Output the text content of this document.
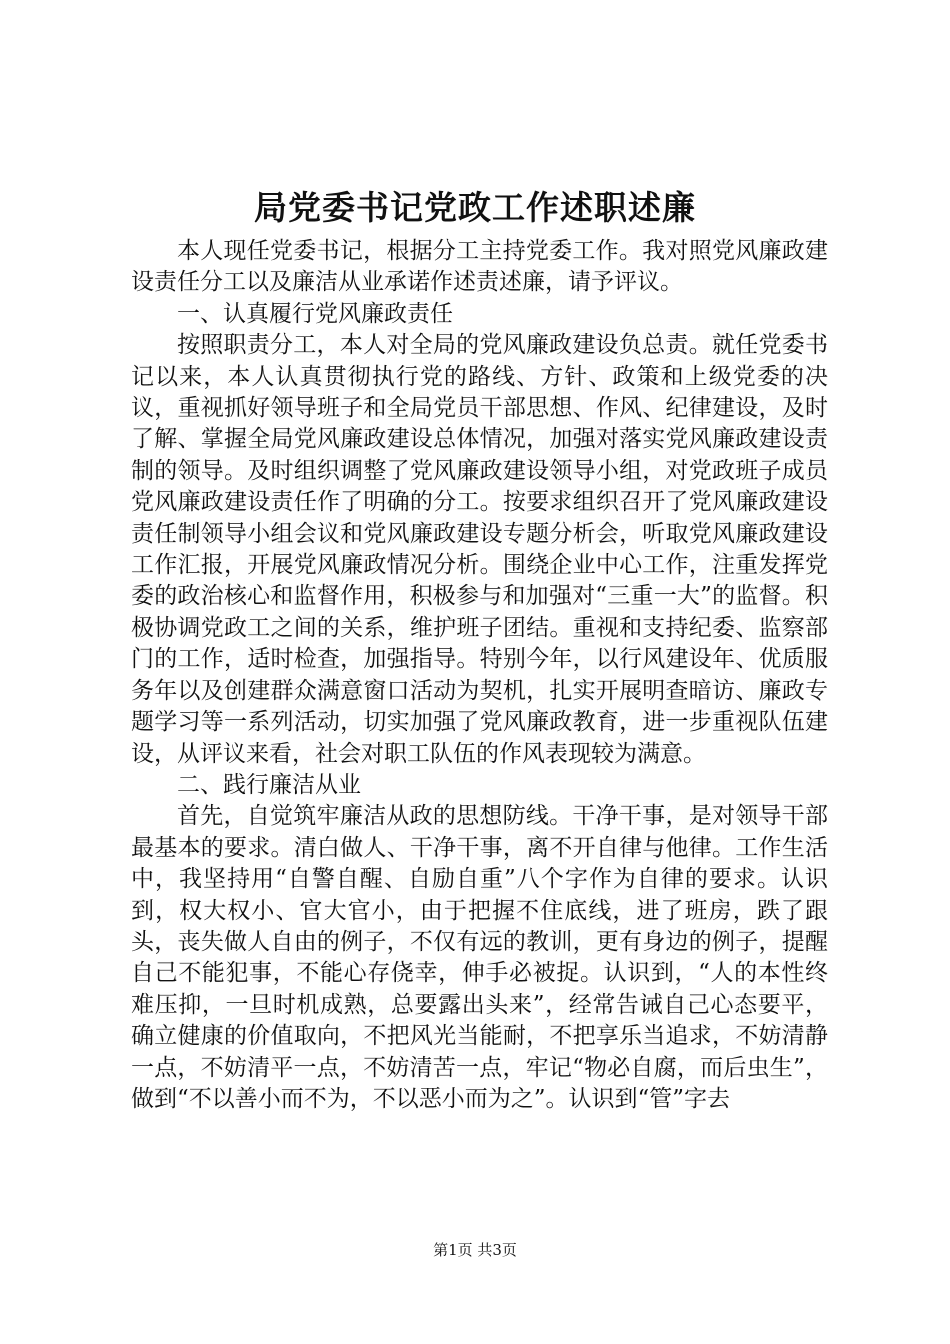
局党委书记党政工作述职述廉

本人现任党委书记，根据分工主持党委工作。我对照党风廉政建设责任分工以及廉洁从业承诺作述责述廉，请予评议。

一、认真履行党风廉政责任

按照职责分工，本人对全局的党风廉政建设负总责。就任党委书记以来，本人认真贯彻执行党的路线、方针、政策和上级党委的决议，重视抓好领导班子和全局党员干部思想、作风、纪律建设，及时了解、掌握全局党风廉政建设总体情况，加强对落实党风廉政建设责制的领导。及时组织调整了党风廉政建设领导小组，对党政班子成员党风廉政建设责任作了明确的分工。按要求组织召开了党风廉政建设责任制领导小组会议和党风廉政建设专题分析会，听取党风廉政建设工作汇报，开展党风廉政情况分析。围绕企业中心工作，注重发挥党委的政治核心和监督作用，积极参与和加强对“三重一大”的监督。积极协调党政工之间的关系，维护班子团结。重视和支持纪委、监察部门的工作，适时检查，加强指导。特别今年，以行风建设年、优质服务年以及创建群众满意窗口活动为契机，扎实开展明查暗访、廉政专题学习等一系列活动，切实加强了党风廉政教育，进一步重视队伍建设，从评议来看，社会对职工队伍的作风表现较为满意。

二、践行廉洁从业

首先，自觉筑牢廉洁从政的思想防线。干净干事，是对领导干部最基本的要求。清白做人、干净干事，离不开自律与他律。工作生活中，我坚持用“自警自醒、自励自重”八个字作为自律的要求。认识到，权大权小、官大官小，由于把握不住底线，进了班房，跌了跟头，丧失做人自由的例子，不仅有远的教训，更有身边的例子，提醒自己不能犯事，不能心存侥幸，伸手必被捉。认识到，“人的本性终难压抑，一旦时机成熟，总要露出头来”，经常告诫自己心态要平，确立健康的价值取向，不把风光当能耐，不把享乐当追求，不妨清静一点，不妨清平一点，不妨清苦一点，牢记“物必自腐，而后虫生”，做到“不以善小而不为，不以恶小而为之”。认识到“管”字去

第1页 共3页
